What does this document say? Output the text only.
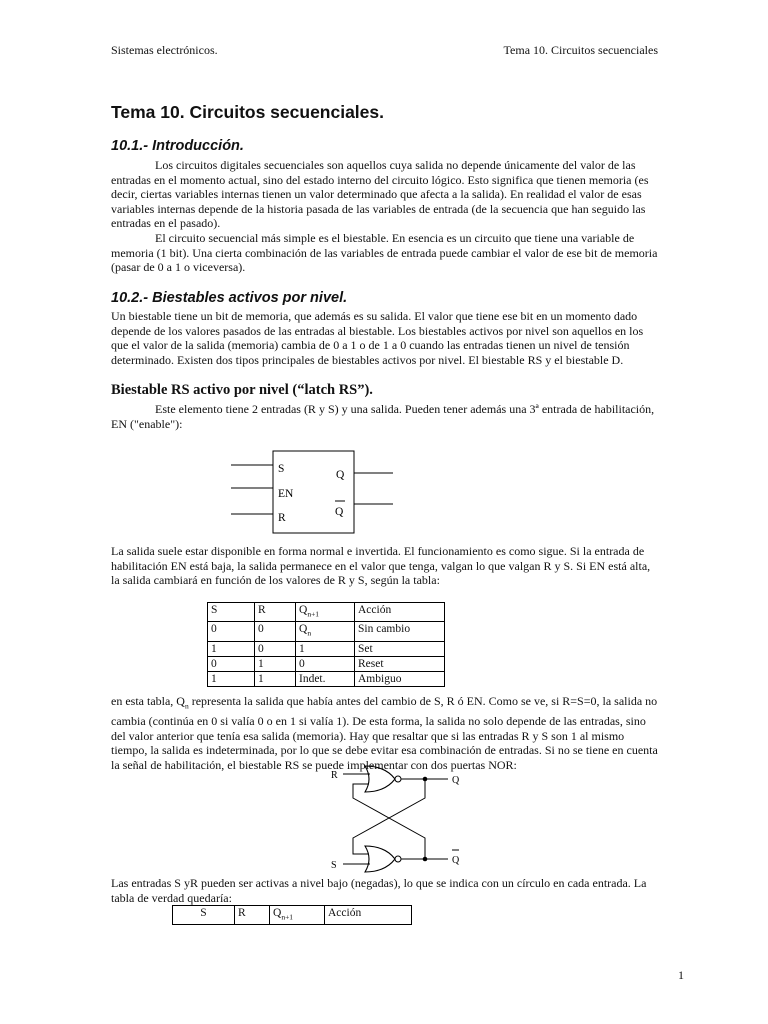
Sistemas electrónicos.	Tema 10. Circuitos secuenciales
Tema 10. Circuitos secuenciales.
10.1.- Introducción.

Los circuitos digitales secuenciales son aquellos cuya salida no depende únicamente del valor de las entradas en el momento actual, sino del estado interno del circuito lógico. Esto significa que tienen memoria (es decir, ciertas variables internas tienen un valor determinado que afecta a la salida). En realidad el valor de esas variables internas depende de la historia pasada de las variables de entrada (de la secuencia que han seguido las entradas en el pasado).

El circuito secuencial más simple es el biestable. En esencia es un circuito que tiene una variable de memoria (1 bit). Una cierta combinación de las variables de entrada puede cambiar el valor de ese bit de memoria (pasar de 0 a 1 o viceversa).

10.2.- Biestables activos por nivel.

Un biestable tiene un bit de memoria, que además es su salida. El valor que tiene ese bit en un momento dado depende de los valores pasados de las entradas al biestable. Los biestables activos por nivel son aquellos en los que el valor de la salida (memoria) cambia de 0 a 1 o de 1 a 0 cuando las entradas tienen un nivel de tensión determinado. Existen dos tipos principales de biestables activos por nivel. El biestable RS y el biestable D.

Biestable RS activo por nivel (“latch RS”).

Este elemento tiene 2 entradas (R y S) y una salida. Pueden tener además una 3ª entrada de habilitación, EN ("enable"):

S
EN
R
Q
Q

La salida suele estar disponible en forma normal e invertida. El funcionamiento es como sigue. Si la entrada de habilitación EN está baja, la salida permanece en el valor que tenga, valgan lo que valgan R y S. Si EN está alta, la salida cambiará en función de los valores de R y S, según la tabla:

S	R	$Q_{n+1}$	Acción
0	0	$Q_n$	Sin cambio
1	0	1	Set
0	1	0	Reset
1	1	Indet.	Ambiguo

en esta tabla, $Q_n$ representa la salida que había antes del cambio de S, R ó EN. Como se ve, si R=S=0, la salida no cambia (continúa en 0 si valía 0 o en 1 si valía 1). De esta forma, la salida no solo depende de las entradas, sino del valor anterior que tenía esa salida (memoria). Hay que resaltar que si las entradas R y S son 1 al mismo tiempo, la salida es indeterminada, por lo que se debe evitar esa combinación de entradas. Si no se tiene en cuenta la señal de habilitación, el biestable RS se puede implementar con dos puertas NOR:

R
S
Q
Q

Las entradas S yR pueden ser activas a nivel bajo (negadas), lo que se indica con un círculo en cada entrada. La tabla de verdad quedaría:

S	R	$Q_{n+1}$	Acción
1
